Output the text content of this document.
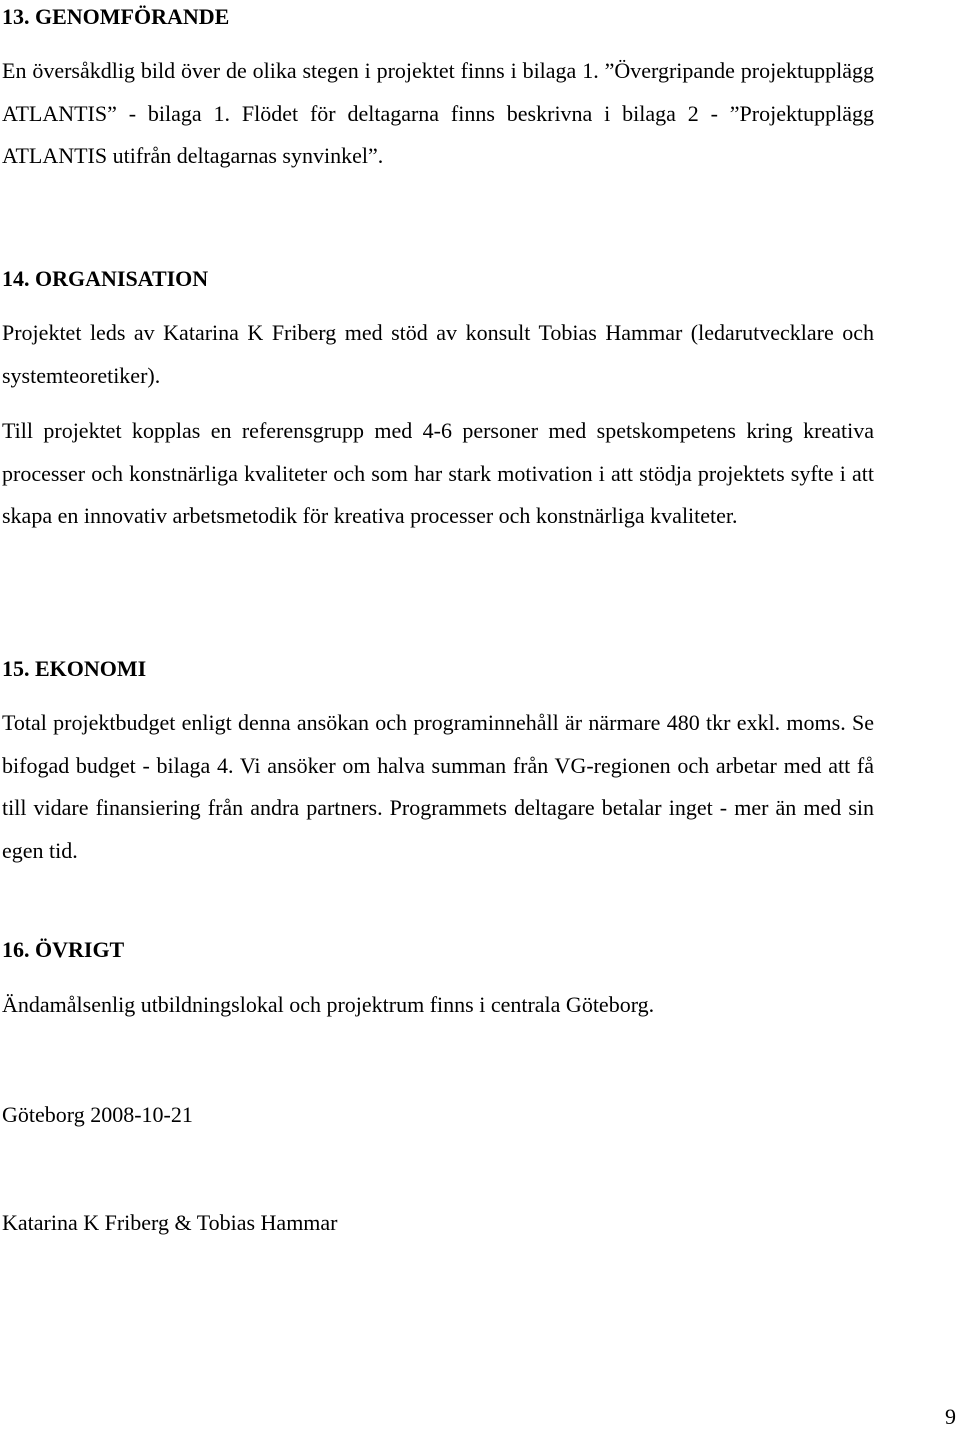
13. GENOMFÖRANDE

En översåkdlig bild över de olika stegen i projektet finns i bilaga 1. ”Övergripande projektupplägg ATLANTIS” - bilaga 1. Flödet för deltagarna finns beskrivna i bilaga 2 - ”Projektupplägg ATLANTIS utifrån deltagarnas synvinkel”.

14. ORGANISATION

Projektet leds av Katarina K Friberg med stöd av konsult Tobias Hammar (ledarutvecklare och systemteoretiker).

Till projektet kopplas en referensgrupp med 4-6 personer med spetskompetens kring kreativa processer och konstnärliga kvaliteter och som har stark motivation i att stödja projektets syfte i att skapa en innovativ arbetsmetodik för kreativa processer och konstnärliga kvaliteter.

15. EKONOMI

Total projektbudget enligt denna ansökan och programinnehåll är närmare 480 tkr exkl. moms. Se bifogad budget - bilaga 4. Vi ansöker om halva summan från VG-regionen och arbetar med att få till vidare finansiering från andra partners. Programmets deltagare betalar inget - mer än med sin egen tid.

16. ÖVRIGT

Ändamålsenlig utbildningslokal och projektrum finns i centrala Göteborg.

Göteborg 2008-10-21

Katarina K Friberg & Tobias Hammar

9
